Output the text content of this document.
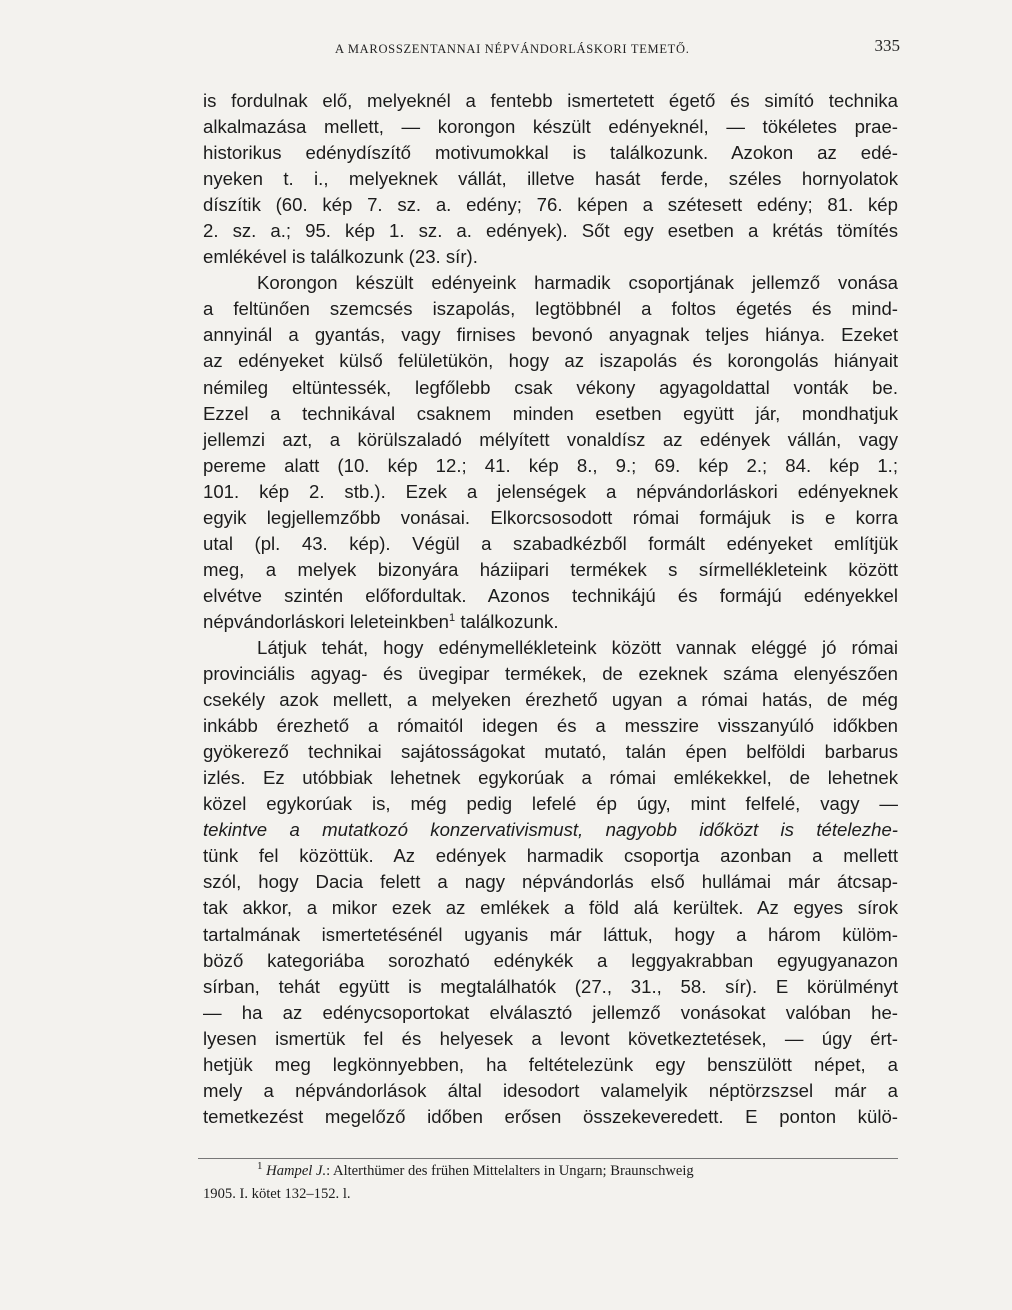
A MAROSSZENTANNAI NÉPVÁNDORLÁSKORI TEMETŐ.	335

is fordulnak elő, melyeknél a fentebb ismertetett égető és simító technika
alkalmazása mellett, — korongon készült edényeknél, — tökéletes prae-
historikus edénydíszítő motivumokkal is találkozunk. Azokon az edé-
nyeken t. i., melyeknek vállát, illetve hasát ferde, széles hornyolatok
díszítik (60. kép 7. sz. a. edény; 76. képen a szétesett edény; 81. kép
2. sz. a.; 95. kép 1. sz. a. edények). Sőt egy esetben a krétás tömítés
emlékével is találkozunk (23. sír).

Korongon készült edényeink harmadik csoportjának jellemző vonása
a feltünően szemcsés iszapolás, legtöbbnél a foltos égetés és mind-
annyinál a gyantás, vagy firnises bevonó anyagnak teljes hiánya. Ezeket
az edényeket külső felületükön, hogy az iszapolás és korongolás hiányait
némileg eltüntessék, legfőlebb csak vékony agyagoldattal vonták be.
Ezzel a technikával csaknem minden esetben együtt jár, mondhatjuk
jellemzi azt, a körülszaladó mélyített vonaldísz az edények vállán, vagy
pereme alatt (10. kép 12.; 41. kép 8., 9.; 69. kép 2.; 84. kép 1.;
101. kép 2. stb.). Ezek a jelenségek a népvándorláskori edényeknek
egyik legjellemzőbb vonásai. Elkorcsosodott római formájuk is e korra
utal (pl. 43. kép). Végül a szabadkézből formált edényeket említjük
meg, a melyek bizonyára háziipari termékek s sírmellékleteink között
elvétve szintén előfordultak. Azonos technikájú és formájú edényekkel
népvándorláskori leleteinkben$^1$ találkozunk.

Látjuk tehát, hogy edénymellékleteink között vannak eléggé jó római
provinciális agyag- és üvegipar termékek, de ezeknek száma elenyészően
csekély azok mellett, a melyeken érezhető ugyan a római hatás, de még
inkább érezhető a rómaitól idegen és a messzire visszanyúló időkben
gyökerező technikai sajátosságokat mutató, talán épen belföldi barbarus
izlés. Ez utóbbiak lehetnek egykorúak a római emlékekkel, de lehetnek
közel egykorúak is, még pedig lefelé ép úgy, mint felfelé, vagy —
tekintve a mutatkozó konzervativismust, nagyobb időközt is tételezhe-
tünk fel közöttük. Az edények harmadik csoportja azonban a mellett
szól, hogy Dacia felett a nagy népvándorlás első hullámai már átcsap-
tak akkor, a mikor ezek az emlékek a föld alá kerültek. Az egyes sírok
tartalmának ismertetésénél ugyanis már láttuk, hogy a három külöm-
böző kategoriába sorozható edénykék a leggyakrabban egyugyanazon
sírban, tehát együtt is megtalálhatók (27., 31., 58. sír). E körülményt
— ha az edénycsoportokat elválasztó jellemző vonásokat valóban he-
lyesen ismertük fel és helyesek a levont következtetések, — úgy ért-
hetjük meg legkönnyebben, ha feltételezünk egy benszülött népet, a
mely a népvándorlások által idesodort valamelyik néptörzszsel már a
temetkezést megelőző időben erősen összekeveredett. E ponton külö-

$^1$ Hampel J.: Alterthümer des frühen Mittelalters in Ungarn; Braunschweig
1905. I. kötet 132–152. l.
